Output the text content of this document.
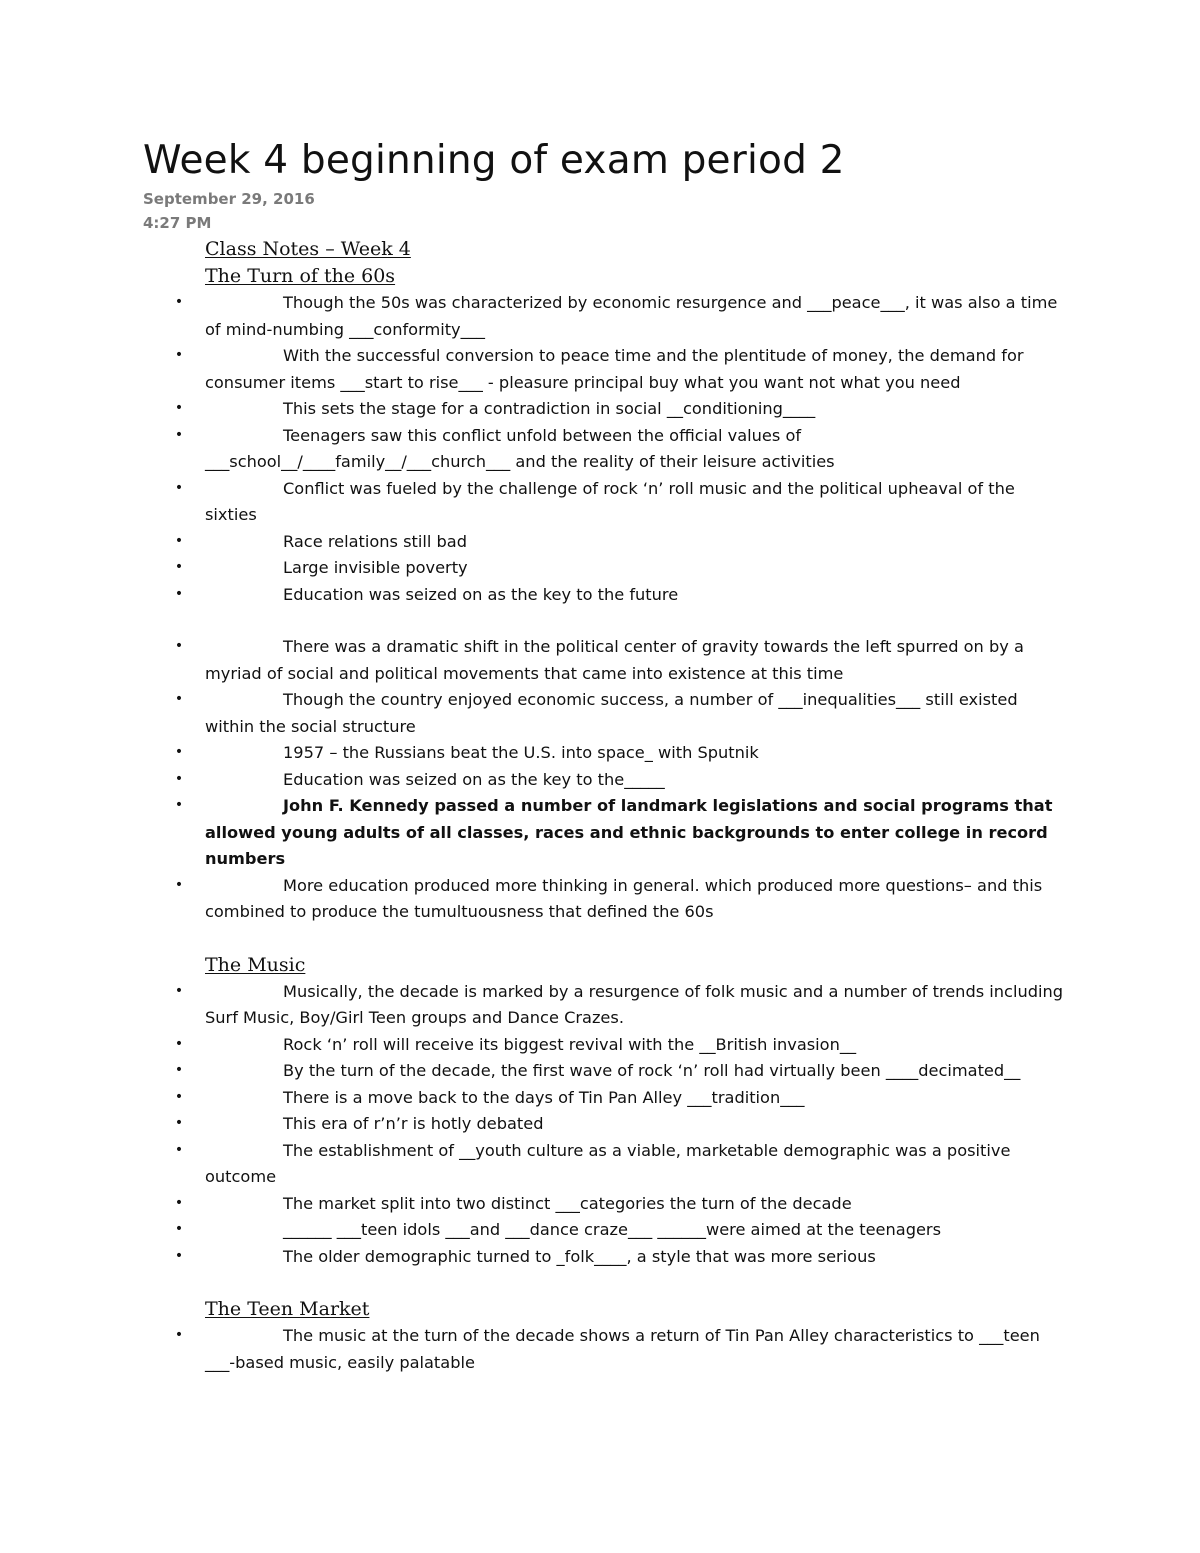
Week 4 beginning of exam period 2
September 29, 2016
4:27 PM
Class Notes – Week 4
The Turn of the 60s
•	Though the 50s was characterized by economic resurgence and ___peace___, it was also a time of mind-numbing ___conformity___
•	With the successful conversion to peace time and the plentitude of money, the demand for consumer items ___start to rise___ - pleasure principal buy what you want not what you need
•	This sets the stage for a contradiction in social __conditioning____
•	Teenagers saw this conflict unfold between the official values of ___school__/____family__/___church___ and the reality of their leisure activities
•	Conflict was fueled by the challenge of rock ‘n’ roll music and the political upheaval of the sixties
•	Race relations still bad
•	Large invisible poverty
•	Education was seized on as the key to the future
•	There was a dramatic shift in the political center of gravity towards the left spurred on by a myriad of social and political movements that came into existence at this time
•	Though the country enjoyed economic success, a number of ___inequalities___ still existed within the social structure
•	1957 – the Russians beat the U.S. into space_ with Sputnik
•	Education was seized on as the key to the_____
•	John F. Kennedy passed a number of landmark legislations and social programs that allowed young adults of all classes, races and ethnic backgrounds to enter college in record numbers
•	More education produced more thinking in general. which produced more questions– and this combined to produce the tumultuousness that defined the 60s
The Music
•	Musically, the decade is marked by a resurgence of folk music and a number of trends including Surf Music, Boy/Girl Teen groups and Dance Crazes.
•	Rock ‘n’ roll will receive its biggest revival with the __British invasion__
•	By the turn of the decade, the first wave of rock ‘n’ roll had virtually been ____decimated__
•	There is a move back to the days of Tin Pan Alley ___tradition___
•	This era of r’n’r is hotly debated
•	The establishment of __youth culture as a viable, marketable demographic was a positive outcome
•	The market split into two distinct ___categories the turn of the decade
•	______ ___teen idols ___and ___dance craze___ ______were aimed at the teenagers
•	The older demographic turned to _folk____, a style that was more serious
The Teen Market
•	The music at the turn of the decade shows a return of Tin Pan Alley characteristics to ___teen ___-based music, easily palatable
